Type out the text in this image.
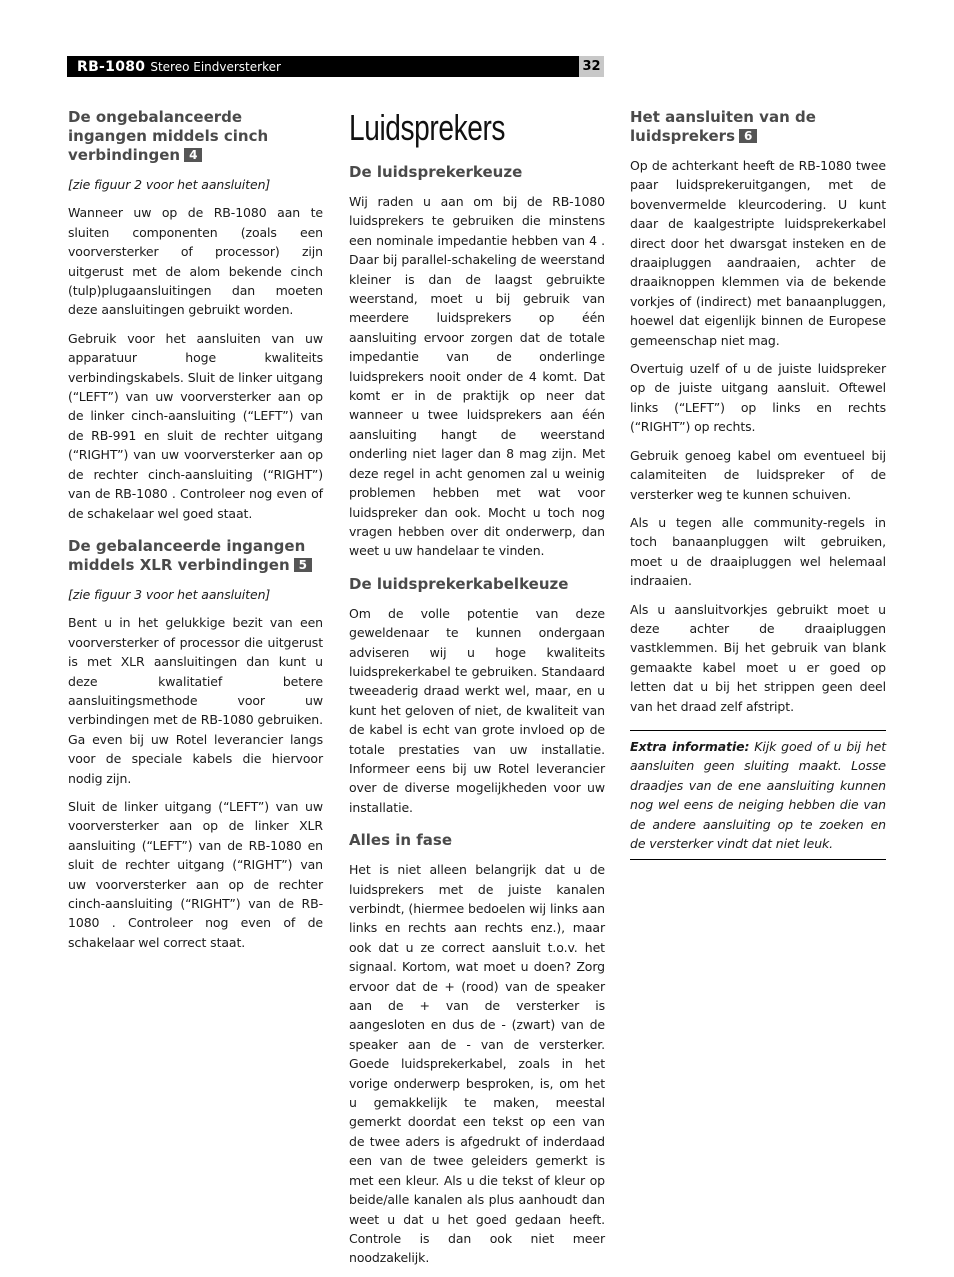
RB-1080 Stereo Eindversterker	32
De ongebalanceerde ingangen middels cinch verbindingen 4

[zie figuur 2 voor het aansluiten]

Wanneer uw op de RB-1080 aan te sluiten componenten (zoals een voorversterker of processor) zijn uitgerust met de alom bekende cinch (tulp)plugaansluitingen dan moeten deze aansluitingen gebruikt worden.

Gebruik voor het aansluiten van uw apparatuur hoge kwaliteits verbindingskabels. Sluit de linker uitgang (“LEFT”) van uw voorversterker aan op de linker cinch-aansluiting (“LEFT”) van de RB-991 en sluit de rechter uitgang (“RIGHT”) van uw voorversterker aan op de rechter cinch-aansluiting (“RIGHT”) van de RB-1080 . Controleer nog even of de schakelaar wel goed staat.

De gebalanceerde ingangen middels XLR verbindingen 5

[zie figuur 3 voor het aansluiten]

Bent u in het gelukkige bezit van een voorversterker of processor die uitgerust is met XLR aansluitingen dan kunt u deze kwalitatief betere aansluitingsmethode voor uw verbindingen met de RB-1080 gebruiken. Ga even bij uw Rotel leverancier langs voor de speciale kabels die hiervoor nodig zijn.

Sluit de linker uitgang (“LEFT”) van uw voorversterker aan op de linker XLR aansluiting (“LEFT”) van de RB-1080 en sluit de rechter uitgang (“RIGHT”) van uw voorversterker aan op de rechter cinch-aansluiting (“RIGHT”) van de RB-1080 . Controleer nog even of de schakelaar wel correct staat.

Luidsprekers
De luidsprekerkeuze

Wij raden u aan om bij de RB-1080 luidsprekers te gebruiken die minstens een nominale impedantie hebben van 4 . Daar bij parallel-schakeling de weerstand kleiner is dan de laagst gebruikte weerstand, moet u bij gebruik van meerdere luidsprekers op één aansluiting ervoor zorgen dat de totale impedantie van de onderlinge luidsprekers nooit onder de 4 komt. Dat komt er in de praktijk op neer dat wanneer u twee luidsprekers aan één aansluiting hangt de weerstand onderling niet lager dan 8 mag zijn. Met deze regel in acht genomen zal u weinig problemen hebben met wat voor luidspreker dan ook. Mocht u toch nog vragen hebben over dit onderwerp, dan weet u uw handelaar te vinden.

De luidsprekerkabelkeuze

Om de volle potentie van deze geweldenaar te kunnen ondergaan adviseren wij u hoge kwaliteits luidsprekerkabel te gebruiken. Standaard tweeaderig draad werkt wel, maar, en u kunt het geloven of niet, de kwaliteit van de kabel is echt van grote invloed op de totale prestaties van uw installatie. Informeer eens bij uw Rotel leverancier over de diverse mogelijkheden voor uw installatie.

Alles in fase

Het is niet alleen belangrijk dat u de luidsprekers met de juiste kanalen verbindt, (hiermee bedoelen wij links aan links en rechts aan rechts enz.), maar ook dat u ze correct aansluit t.o.v. het signaal. Kortom, wat moet u doen? Zorg ervoor dat de + (rood) van de speaker aan de + van de versterker is aangesloten en dus de - (zwart) van de speaker aan de - van de versterker. Goede luidsprekerkabel, zoals in het vorige onderwerp besproken, is, om het u gemakkelijk te maken, meestal gemerkt doordat een tekst op een van de twee aders is afgedrukt of inderdaad een van de twee geleiders gemerkt is met een kleur. Als u die tekst of kleur op beide/alle kanalen als plus aanhoudt dan weet u dat u het goed gedaan heeft. Controle is dan ook niet meer noodzakelijk.

Het aansluiten van de luidsprekers 6

Op de achterkant heeft de RB-1080 twee paar luidsprekeruitgangen, met de bovenvermelde kleurcodering. U kunt daar de kaalgestripte luidsprekerkabel direct door het dwarsgat insteken en de draaipluggen aandraaien, achter de draaiknoppen klemmen via de bekende vorkjes of (indirect) met banaanpluggen, hoewel dat eigenlijk binnen de Europese gemeenschap niet mag.

Overtuig uzelf of u de juiste luidspreker op de juiste uitgang aansluit. Oftewel links (“LEFT”) op links en rechts (“RIGHT”) op rechts.

Gebruik genoeg kabel om eventueel bij calamiteiten de luidspreker of de versterker weg te kunnen schuiven.

Als u tegen alle community-regels in toch banaanpluggen wilt gebruiken, moet u de draaipluggen wel helemaal indraaien.

Als u aansluitvorkjes gebruikt moet u deze achter de draaipluggen vastklemmen. Bij het gebruik van blank gemaakte kabel moet u er goed op letten dat u bij het strippen geen deel van het draad zelf afstript.

Extra informatie: Kijk goed of u bij het aansluiten geen sluiting maakt. Losse draadjes van de ene aansluiting kunnen nog wel eens de neiging hebben die van de andere aansluiting op te zoeken en de versterker vindt dat niet leuk.
